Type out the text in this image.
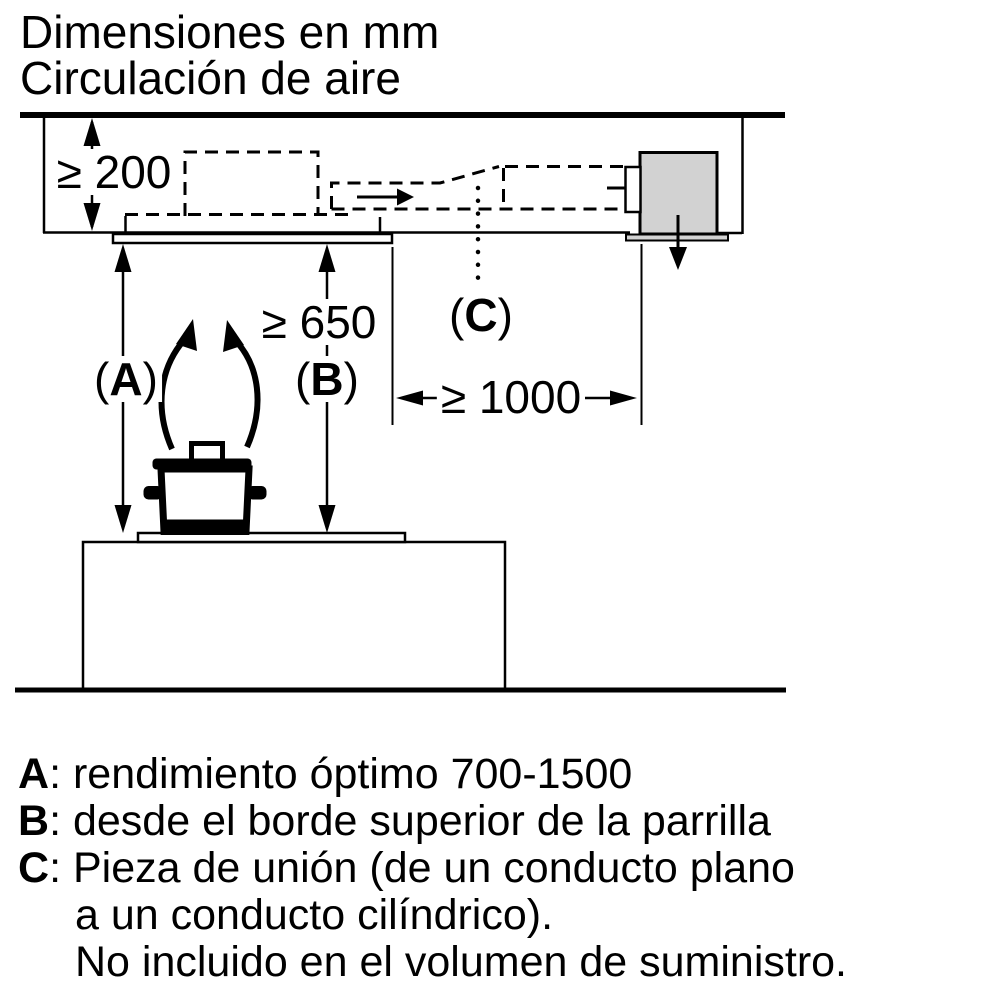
Dimensiones en mm
Circulación de aire
≥ 200
≥ 650
≥ 1000
(A)	(B)
(C)
A: rendimiento óptimo 700-1500
B: desde el borde superior de la parrilla
C: Pieza de unión (de un conducto plano
a un conducto cilíndrico).
No incluido en el volumen de suministro.
